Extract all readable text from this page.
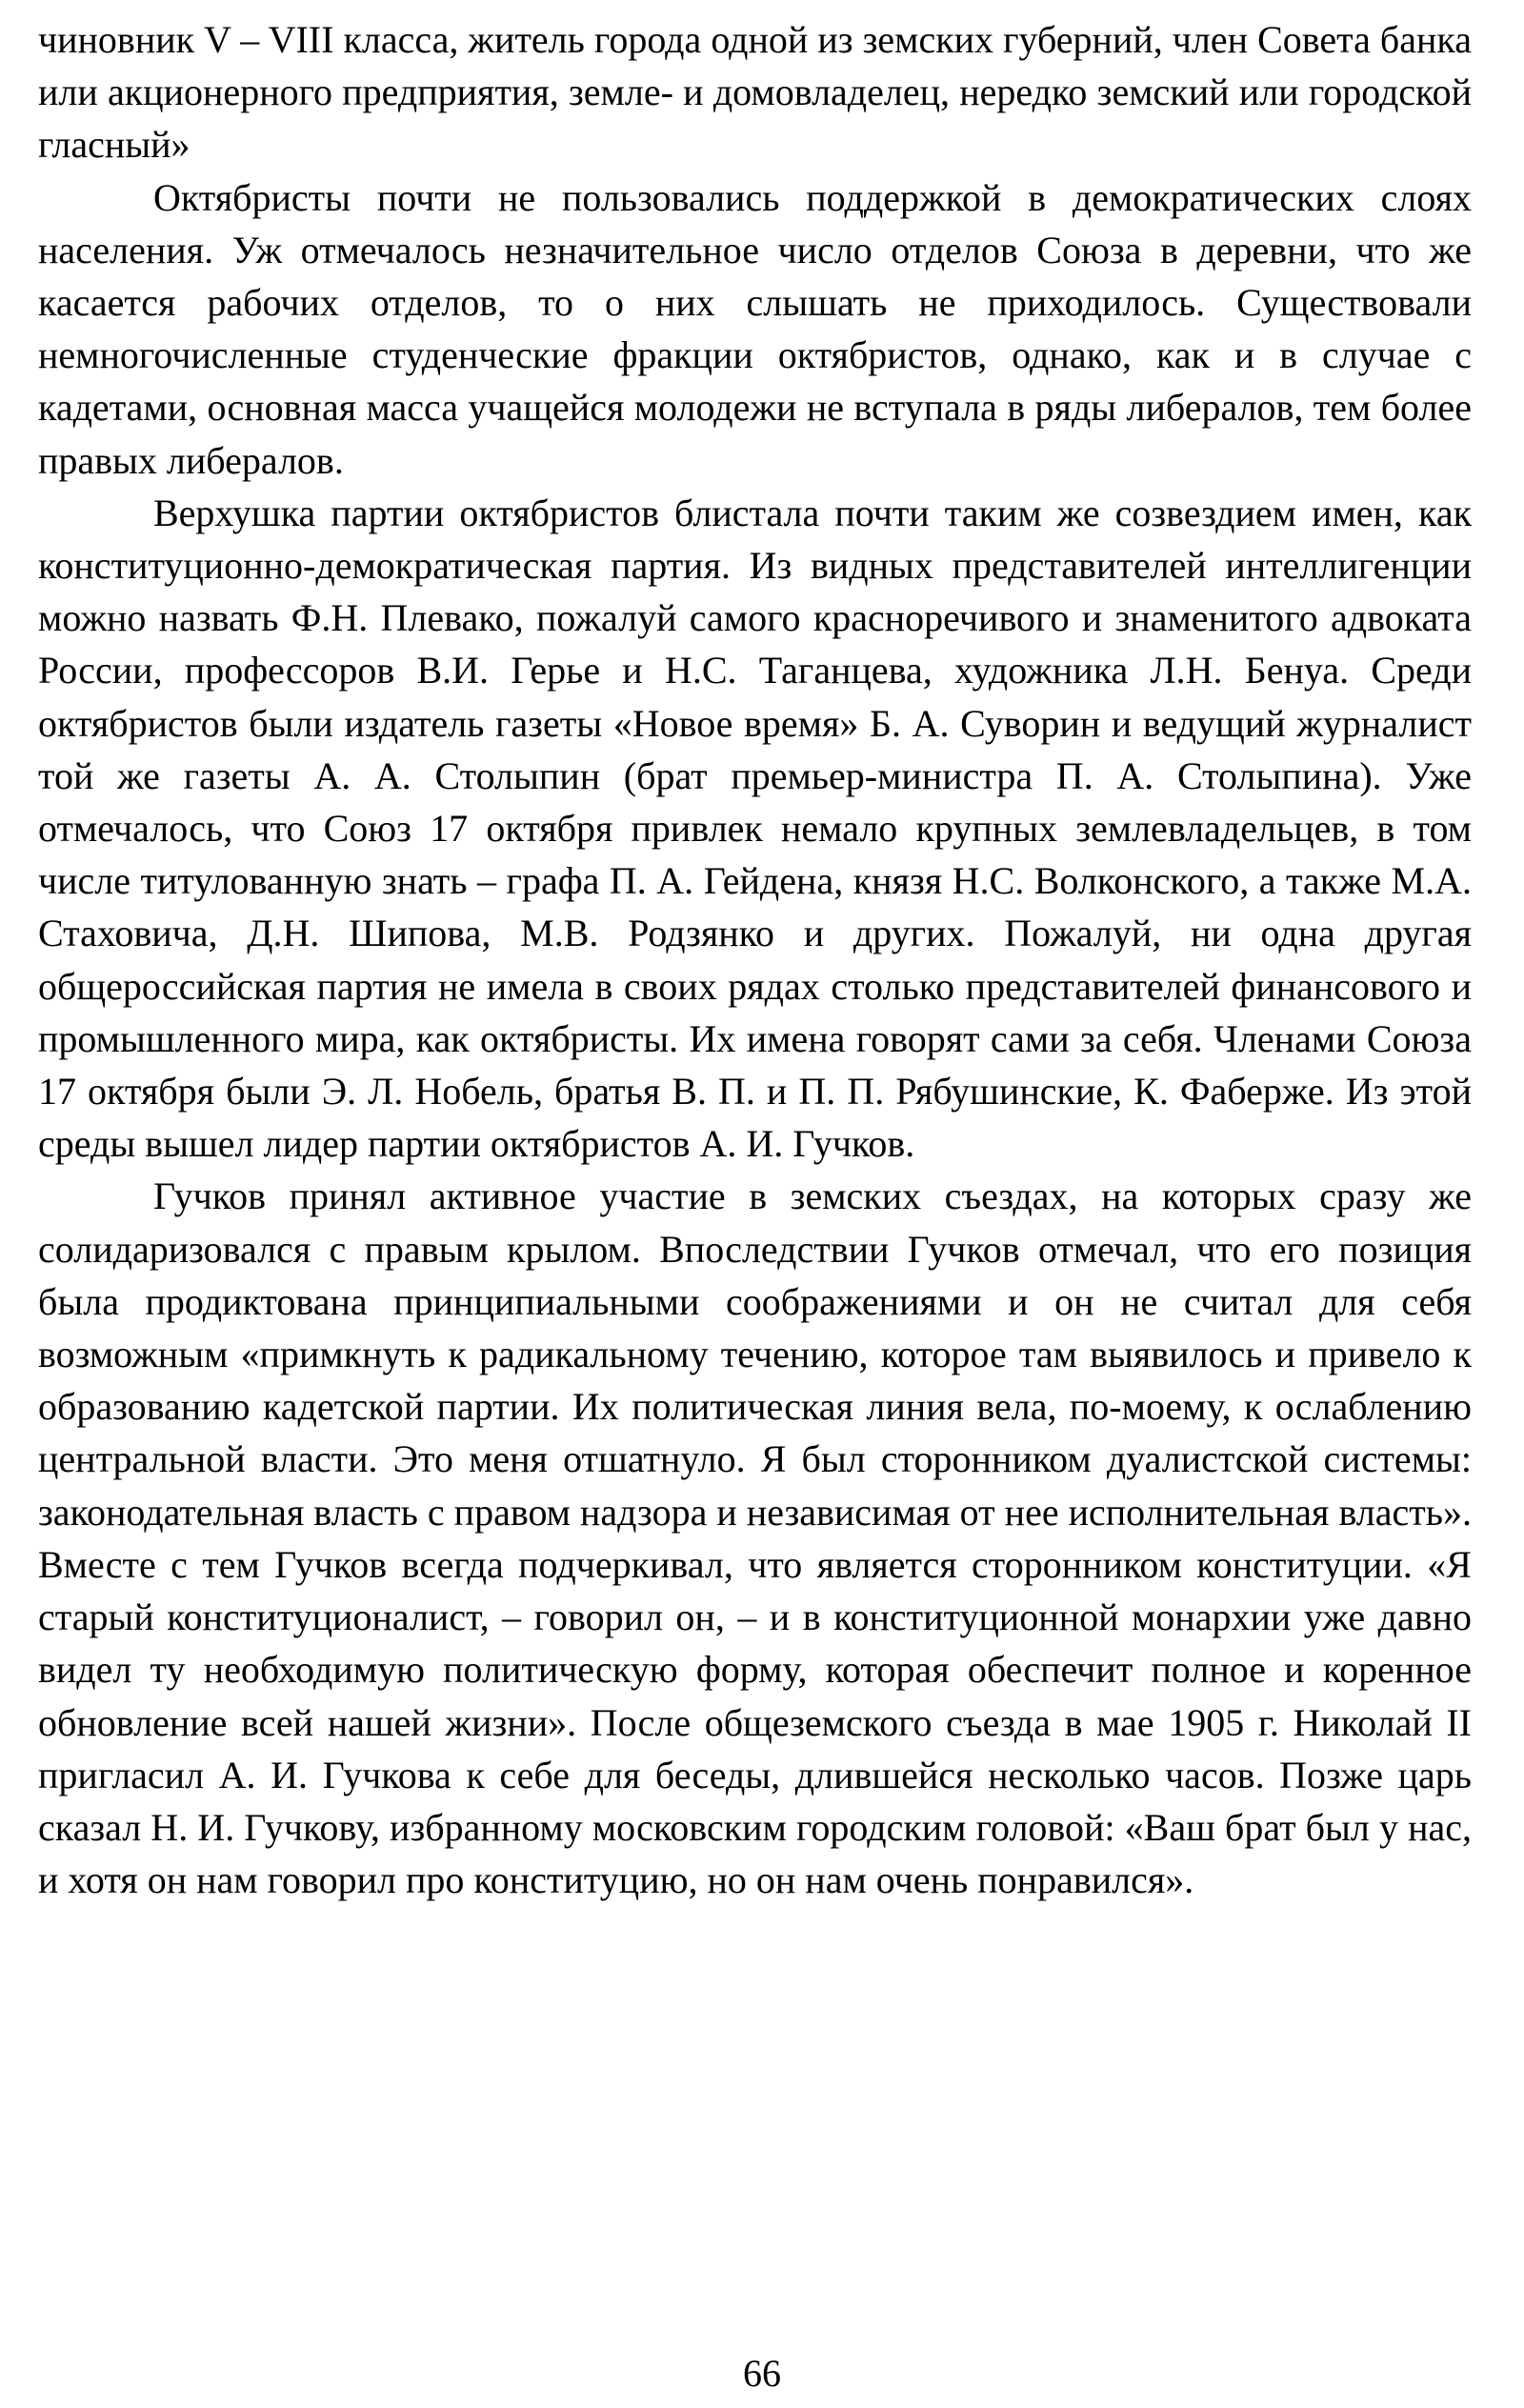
чиновник V – VIII класса, житель города одной из земских губерний, член Совета банка или акционерного предприятия, земле- и домовладелец, нередко земский или городской гласный»

Октябристы почти не пользовались поддержкой в демократических слоях населения. Уж отмечалось незначительное число отделов Союза в деревни, что же касается рабочих отделов, то о них слышать не приходилось. Существовали немногочисленные студенческие фракции октябристов, однако, как и в случае с кадетами, основная масса учащейся молодежи не вступала в ряды либералов, тем более правых либералов.

Верхушка партии октябристов блистала почти таким же созвездием имен, как конституционно-демократическая партия. Из видных представителей интеллигенции можно назвать Ф.Н. Плевако, пожалуй самого красноречивого и знаменитого адвоката России, профессоров В.И. Герье и Н.С. Таганцева, художника Л.Н. Бенуа. Среди октябристов были издатель газеты «Новое время» Б. А. Суворин и ведущий журналист той же газеты А. А. Столыпин (брат премьер-министра П. А. Столыпина). Уже отмечалось, что Союз 17 октября привлек немало крупных землевладельцев, в том числе титулованную знать – графа П. А. Гейдена, князя Н.С. Волконского, а также М.А. Стаховича, Д.Н. Шипова, М.В. Родзянко и других. Пожалуй, ни одна другая общероссийская партия не имела в своих рядах столько представителей финансового и промышленного мира, как октябристы. Их имена говорят сами за себя. Членами Союза 17 октября были Э. Л. Нобель, братья В. П. и П. П. Рябушинские, К. Фаберже. Из этой среды вышел лидер партии октябристов А. И. Гучков.

Гучков принял активное участие в земских съездах, на которых сразу же солидаризовался с правым крылом. Впоследствии Гучков отмечал, что его позиция была продиктована принципиальными соображениями и он не считал для себя возможным «примкнуть к радикальному течению, которое там выявилось и привело к образованию кадетской партии. Их политическая линия вела, по-моему, к ослаблению центральной власти. Это меня отшатнуло. Я был сторонником дуалистской системы: законодательная власть с правом надзора и независимая от нее исполнительная власть». Вместе с тем Гучков всегда подчеркивал, что является сторонником конституции. «Я старый конституционалист, – говорил он, – и в конституционной монархии уже давно видел ту необходимую политическую форму, которая обеспечит полное и коренное обновление всей нашей жизни». После общеземского съезда в мае 1905 г. Николай II пригласил А. И. Гучкова к себе для беседы, длившейся несколько часов. Позже царь сказал Н. И. Гучкову, избранному московским городским головой: «Ваш брат был у нас, и хотя он нам говорил про конституцию, но он нам очень понравился».

66
